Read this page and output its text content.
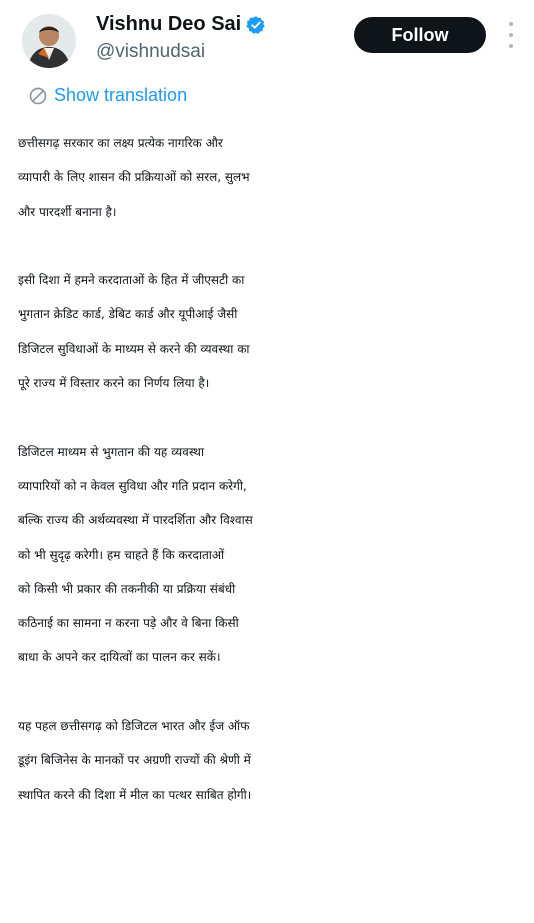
Vishnu Deo Sai
@vishnudsai
Follow
Show translation
छत्तीसगढ़ सरकार का लक्ष्य प्रत्येक नागरिक और
व्यापारी के लिए शासन की प्रक्रियाओं को सरल, सुलभ
और पारदर्शी बनाना है।
इसी दिशा में हमने करदाताओं के हित में जीएसटी का
भुगतान क्रेडिट कार्ड, डेबिट कार्ड और यूपीआई जैसी
डिजिटल सुविधाओं के माध्यम से करने की व्यवस्था का
पूरे राज्य में विस्तार करने का निर्णय लिया है।
डिजिटल माध्यम से भुगतान की यह व्यवस्था
व्यापारियों को न केवल सुविधा और गति प्रदान करेगी,
बल्कि राज्य की अर्थव्यवस्था में पारदर्शिता और विश्वास
को भी सुदृढ़ करेगी। हम चाहते हैं कि करदाताओं
को किसी भी प्रकार की तकनीकी या प्रक्रिया संबंधी
कठिनाई का सामना न करना पड़े और वे बिना किसी
बाधा के अपने कर दायित्वों का पालन कर सकें।
यह पहल छत्तीसगढ़ को डिजिटल भारत और ईज ऑफ
डूइंग बिजिनेस के मानकों पर अग्रणी राज्यों की श्रेणी में
स्थापित करने की दिशा में मील का पत्थर साबित होगी।
